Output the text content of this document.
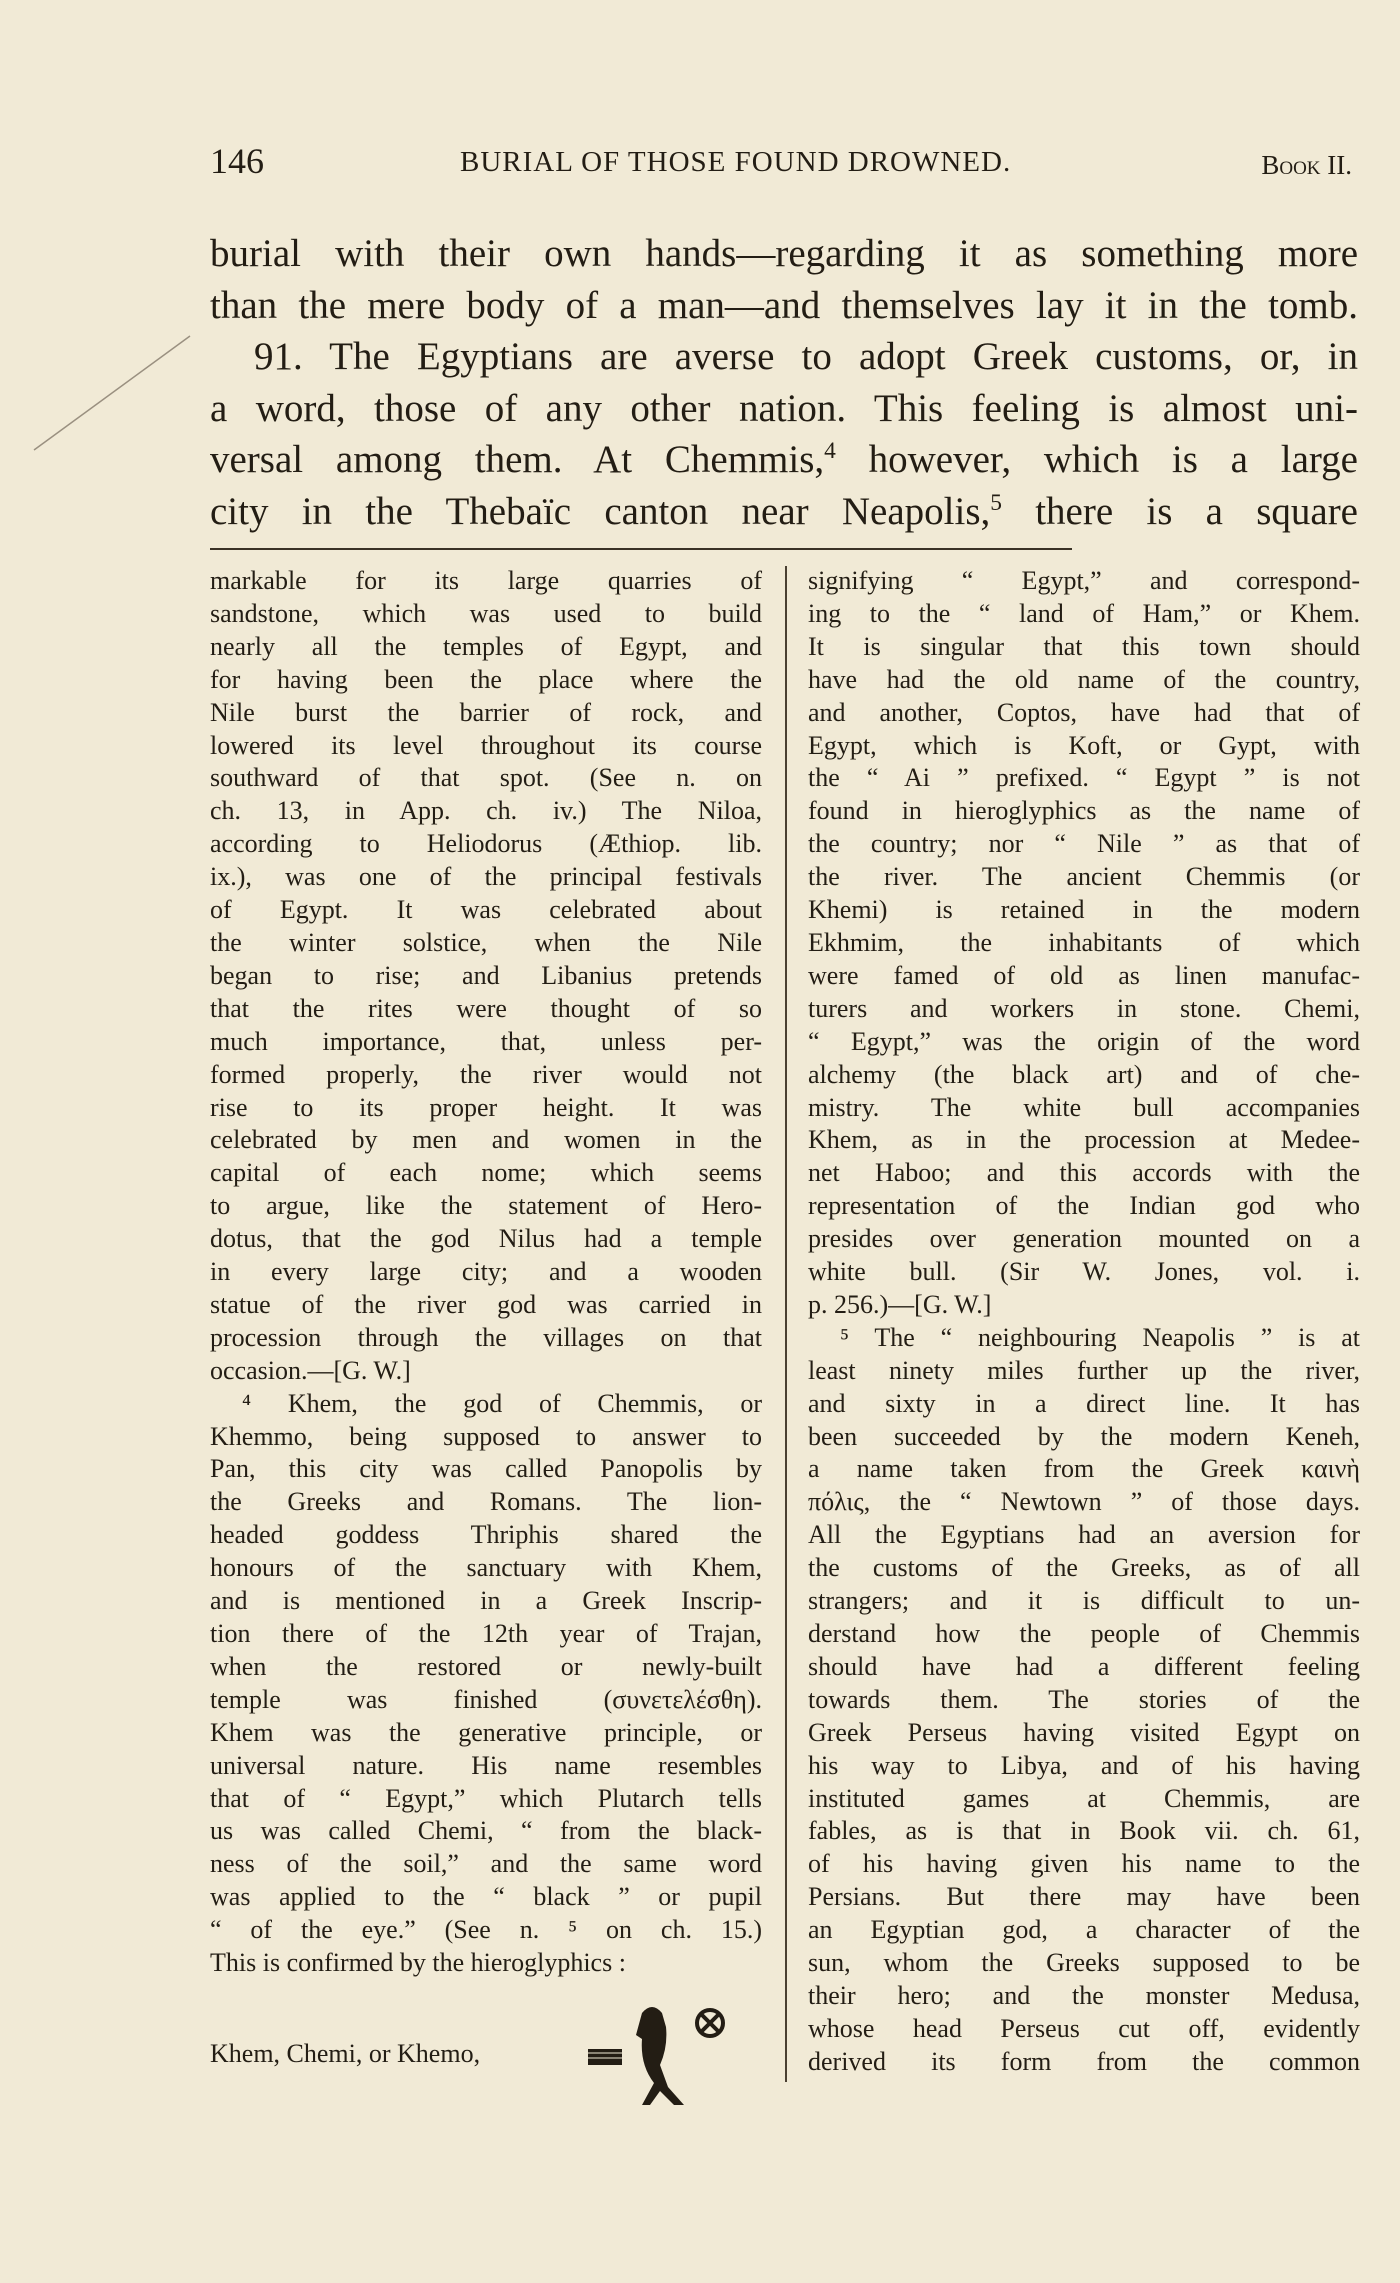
146	BURIAL OF THOSE FOUND DROWNED.	Book II.
burial with their own hands—regarding it as something more
than the mere body of a man—and themselves lay it in the tomb.
91. The Egyptians are averse to adopt Greek customs, or, in
a word, those of any other nation. This feeling is almost uni-
versal among them. At Chemmis,$^4$ however, which is a large
city in the Thebaïc canton near Neapolis,$^5$ there is a square
markable for its large quarries of
sandstone, which was used to build
nearly all the temples of Egypt, and
for having been the place where the
Nile burst the barrier of rock, and
lowered its level throughout its course
southward of that spot. (See n. on
ch. 13, in App. ch. iv.) The Niloa,
according to Heliodorus (Æthiop. lib.
ix.), was one of the principal festivals
of Egypt. It was celebrated about
the winter solstice, when the Nile
began to rise; and Libanius pretends
that the rites were thought of so
much importance, that, unless per-
formed properly, the river would not
rise to its proper height. It was
celebrated by men and women in the
capital of each nome; which seems
to argue, like the statement of Hero-
dotus, that the god Nilus had a temple
in every large city; and a wooden
statue of the river god was carried in
procession through the villages on that
occasion.—[G. W.]
⁴ Khem, the god of Chemmis, or
Khemmo, being supposed to answer to
Pan, this city was called Panopolis by
the Greeks and Romans. The lion-
headed goddess Thriphis shared the
honours of the sanctuary with Khem,
and is mentioned in a Greek Inscrip-
tion there of the 12th year of Trajan,
when the restored or newly-built
temple was finished (συνετελέσθη).
Khem was the generative principle, or
universal nature. His name resembles
that of “ Egypt,” which Plutarch tells
us was called Chemi, “ from the black-
ness of the soil,” and the same word
was applied to the “ black ” or pupil
“ of the eye.” (See n. ⁵ on ch. 15.)
This is confirmed by the hieroglyphics :
signifying “ Egypt,” and correspond-
ing to the “ land of Ham,” or Khem.
It is singular that this town should
have had the old name of the country,
and another, Coptos, have had that of
Egypt, which is Koft, or Gypt, with
the “ Ai ” prefixed. “ Egypt ” is not
found in hieroglyphics as the name of
the country; nor “ Nile ” as that of
the river. The ancient Chemmis (or
Khemi) is retained in the modern
Ekhmim, the inhabitants of which
were famed of old as linen manufac-
turers and workers in stone. Chemi,
“ Egypt,” was the origin of the word
alchemy (the black art) and of che-
mistry. The white bull accompanies
Khem, as in the procession at Medee-
net Haboo; and this accords with the
representation of the Indian god who
presides over generation mounted on a
white bull. (Sir W. Jones, vol. i.
p. 256.)—[G. W.]
⁵ The “ neighbouring Neapolis ” is at
least ninety miles further up the river,
and sixty in a direct line. It has
been succeeded by the modern Keneh,
a name taken from the Greek καινὴ
πόλις, the “ Newtown ” of those days.
All the Egyptians had an aversion for
the customs of the Greeks, as of all
strangers; and it is difficult to un-
derstand how the people of Chemmis
should have had a different feeling
towards them. The stories of the
Greek Perseus having visited Egypt on
his way to Libya, and of his having
instituted games at Chemmis, are
fables, as is that in Book vii. ch. 61,
of his having given his name to the
Persians. But there may have been
an Egyptian god, a character of the
sun, whom the Greeks supposed to be
their hero; and the monster Medusa,
whose head Perseus cut off, evidently
derived its form from the common
Khem, Chemi, or Khemo,
